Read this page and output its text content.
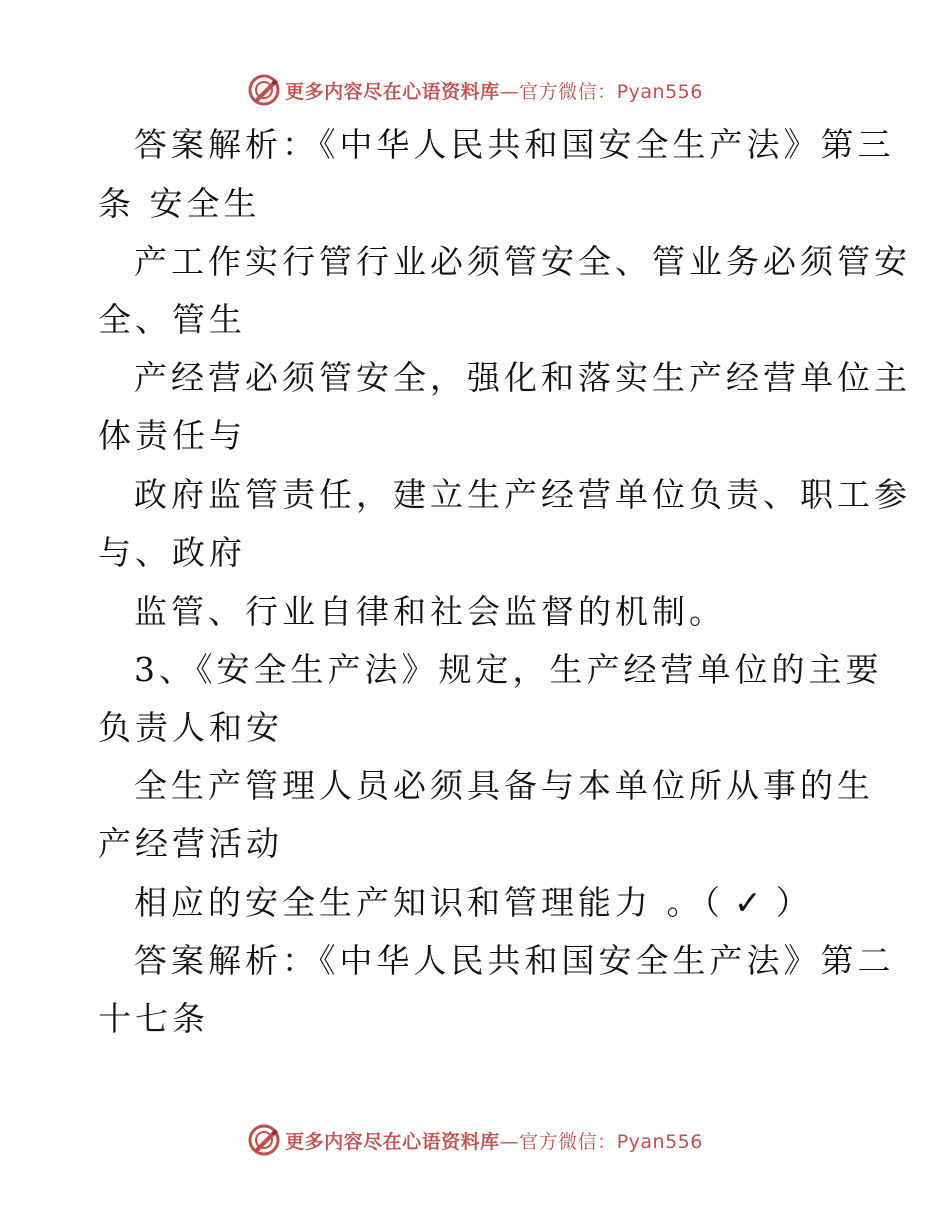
更多内容尽在心语资料库—官方微信：Pyan556
答案解析：《中华人民共和国安全生产法》第三
条 安全生
产工作实行管行业必须管安全、管业务必须管安
全、管生
产经营必须管安全，强化和落实生产经营单位主
体责任与
政府监管责任，建立生产经营单位负责、职工参
与、政府
监管、行业自律和社会监督的机制。
3、《安全生产法》规定，生产经营单位的主要
负责人和安
全生产管理人员必须具备与本单位所从事的生
产经营活动
相应的安全生产知识和管理能力 。（ ✓ ）
答案解析：《中华人民共和国安全生产法》第二
十七条
更多内容尽在心语资料库—官方微信：Pyan556
